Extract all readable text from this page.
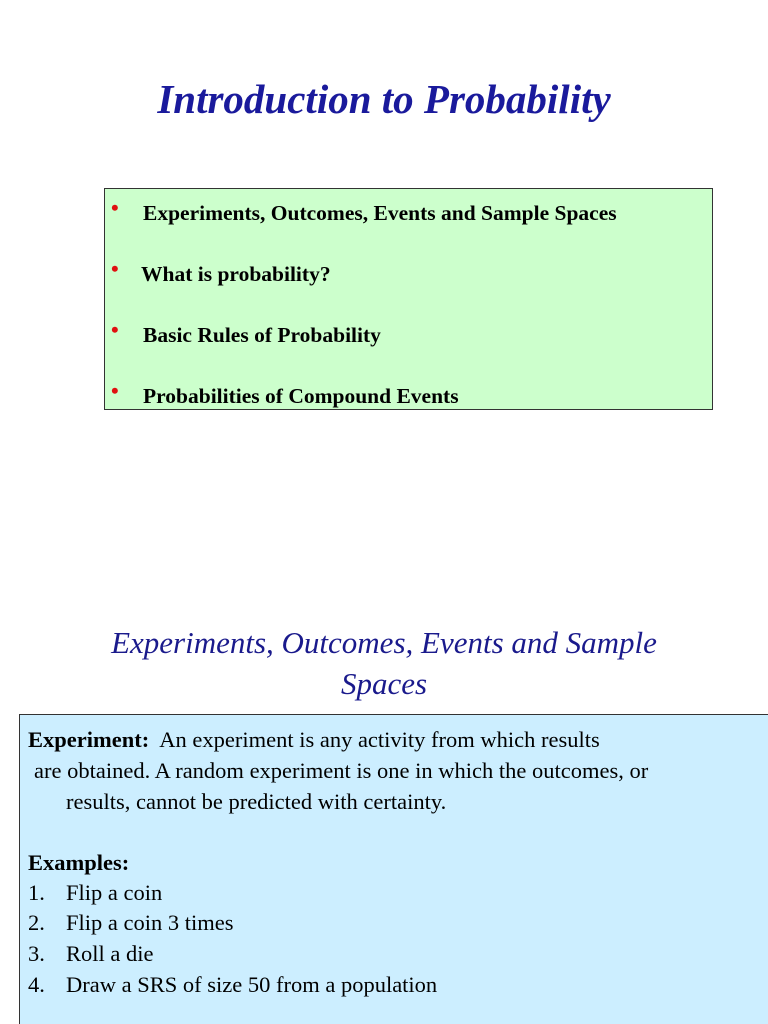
Introduction to Probability
• Experiments, Outcomes, Events and Sample Spaces
• What is probability?
• Basic Rules of Probability
• Probabilities of Compound Events
Experiments, Outcomes, Events and Sample
Spaces
Experiment: An experiment is any activity from which results
are obtained. A random experiment is one in which the outcomes, or
results, cannot be predicted with certainty.
Examples:
1. Flip a coin
2. Flip a coin 3 times
3. Roll a die
4. Draw a SRS of size 50 from a population
